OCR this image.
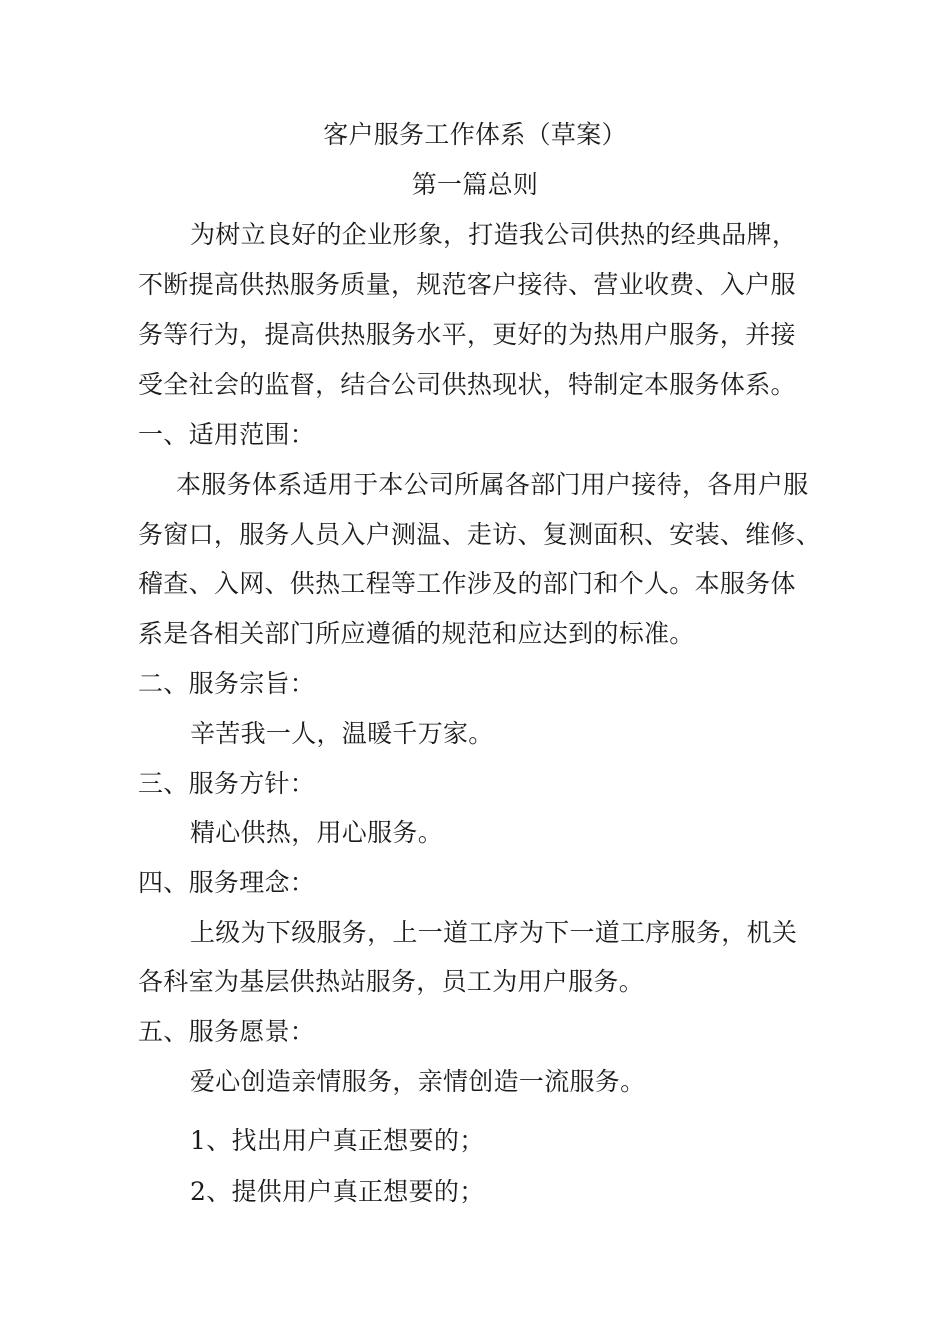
客户服务工作体系（草案）
第一篇总则
为树立良好的企业形象，打造我公司供热的经典品牌，
不断提高供热服务质量，规范客户接待、营业收费、入户服
务等行为，提高供热服务水平，更好的为热用户服务，并接
受全社会的监督，结合公司供热现状，特制定本服务体系。
一、适用范围：
本服务体系适用于本公司所属各部门用户接待，各用户服
务窗口，服务人员入户测温、走访、复测面积、安装、维修、
稽查、入网、供热工程等工作涉及的部门和个人。本服务体
系是各相关部门所应遵循的规范和应达到的标准。
二、服务宗旨：
辛苦我一人，温暖千万家。
三、服务方针：
精心供热，用心服务。
四、服务理念：
上级为下级服务，上一道工序为下一道工序服务，机关
各科室为基层供热站服务，员工为用户服务。
五、服务愿景：
爱心创造亲情服务，亲情创造一流服务。
1、找出用户真正想要的；
2、提供用户真正想要的；
